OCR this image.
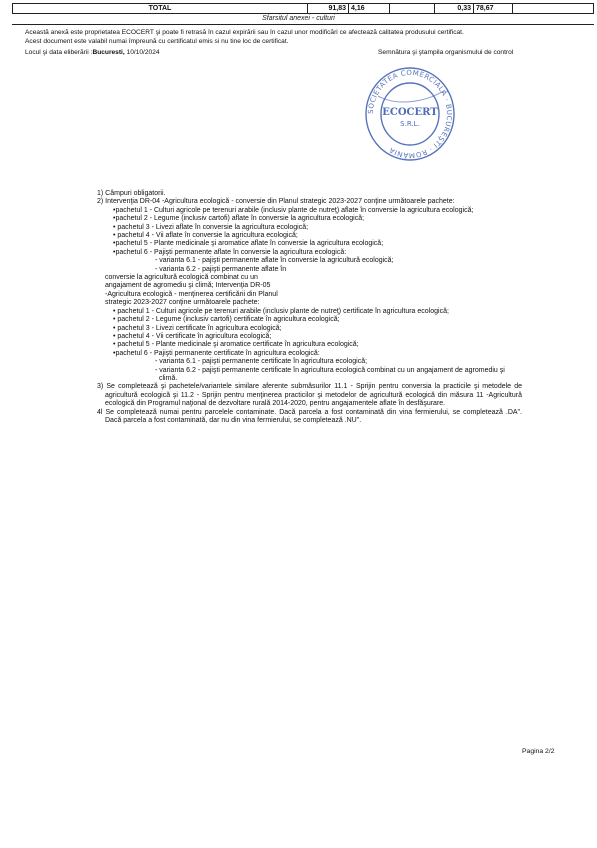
TOTAL	91,83	4,16		0,33	78,67	
Sfarsitul anexei - culturi
Această anexă este proprietatea ECOCERT şi poate fi retrasă în cazul expirării sau în cazul unor modificări ce afectează calitatea produsului certificat.
Acest document este valabil numai împreună cu certificatul emis si nu tine loc de certificat.
Locul şi data eliberării :Bucuresti, 10/10/2024	Semnătura şi ştampila organismului de control
SOCIETATEA COMERCIALĂ · BUCUREŞTI · ROMÂNIA
ECOCERT
S.R.L.

1) Câmpuri obligatorii.

2) Intervenţia DR-04 -Agricultura ecologică - conversie din Planul strategic 2023-2027 conţine următoarele pachete:

•pachetul 1 - Culturi agricole pe terenuri arabile (inclusiv plante de nutreţ) aflate în conversie la agricultura ecologică;

•pachetul 2 - Legume (inclusiv cartofi) aflate în conversie la agricultura ecologică;

• pachetul 3 - Livezi aflate în conversie la agricultura ecologică;

• pachetul 4 - Vii aflate în conversie la agricultura ecologică;

•pachetul 5 - Plante medicinale şi aromatice aflate în conversie la agricultura ecologică;

•pachetul 6 - Pajişti permanente aflate în conversie la agricultura ecologică:

- varianta 6.1 - pajişti permanente aflate în conversie la agricultură ecologică;

- varianta 6.2 - pajişti permanente aflate în

conversie la agricultură ecologică combinat cu un

angajament de agromediu şi climă; Intervenţia DR-05

-Agricultura ecologică - menţinerea certificării din Planul

strategic 2023-2027 conţine următoarele pachete:

• pachetul 1 - Culturi agricole pe terenuri arabile (inclusiv plante de nutreţ) certificate în agricultura ecologică;

• pachetul 2 - Legume (inclusiv cartofi) certificate în agricultura ecologică;

• pachetul 3 - Livezi certificate în agricultura ecologică;

• pachetul 4 - Vii certificate în agricultura ecologică;

• pachetul 5 - Plante medicinale şi aromatice certificate în agricultura ecologică;

•pachetul 6 - Pajişti permanente certificate în agricultura ecologică:

- varianta 6.1 - pajişti permanente certificate în agricultura ecologică;

- varianta 6.2 - pajişti permanente certificate în agricultura ecologică combinat cu un angajament de agromediu şi climă.

3) Se completează şi pachetele/variantele similare aferente submăsurilor 11.1 - Sprijin pentru conversia la practicile şi metodele de agricultură ecologică şi 11.2 - Sprijin pentru menţinerea practicilor şi metodelor de agricultură ecologică din măsura 11 -Agricultură ecologică din Programul naţional de dezvoltare rurală 2014-2020, pentru angajamentele aflate în desfăşurare.

4l Se completează numai pentru parcelele contaminate. Dacă parcela a fost contaminată din vina fermierului, se completează .DA". Dacă parcela a fost contaminată, dar nu din vina fermierului, se completează .NU".

Pagina 2/2
